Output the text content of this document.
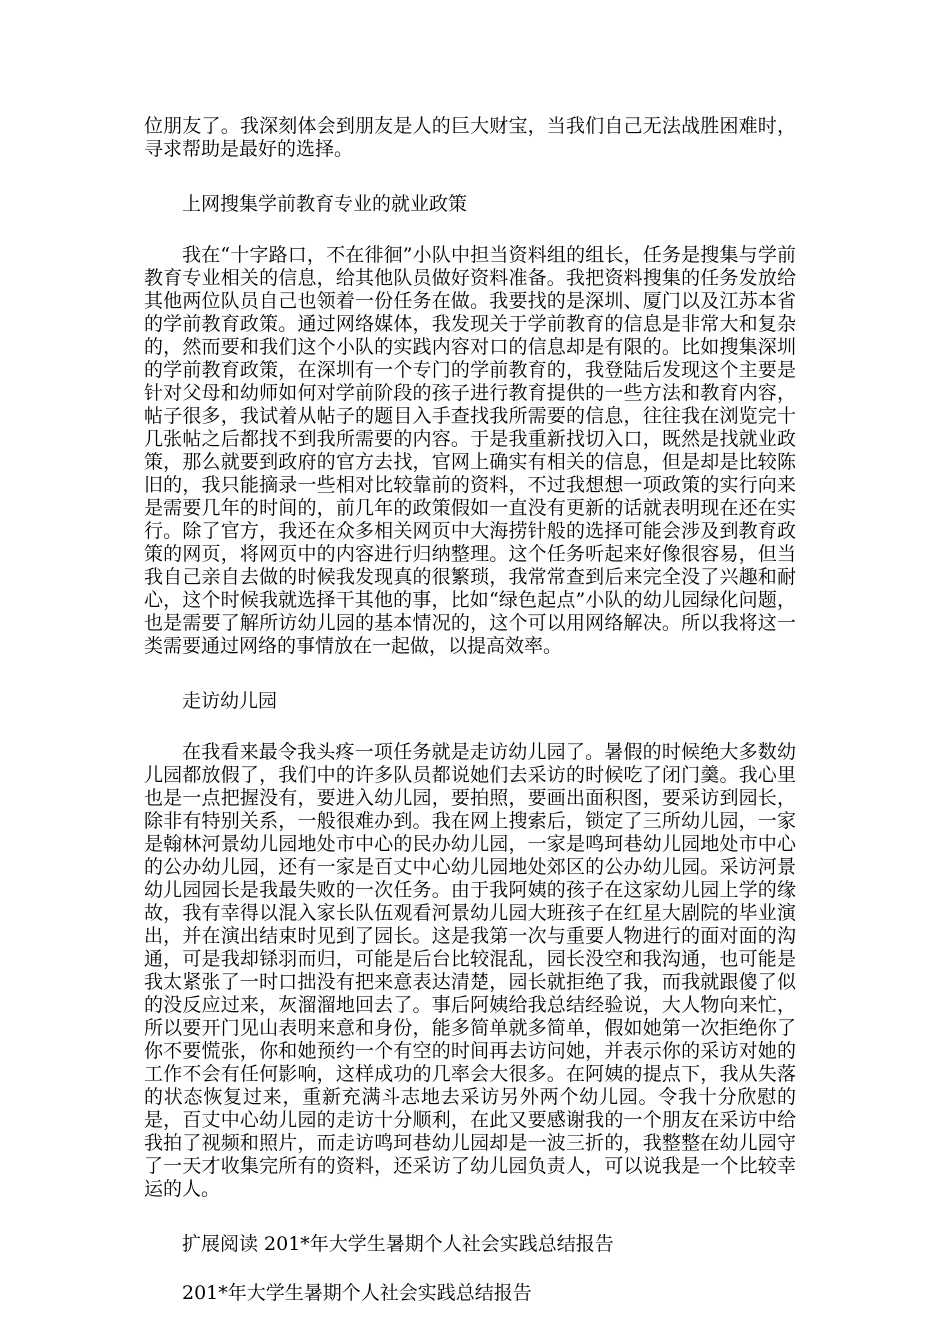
位朋友了。我深刻体会到朋友是人的巨大财宝，当我们自己无法战胜困难时，寻求帮助是最好的选择。

上网搜集学前教育专业的就业政策

我在“十字路口，不在徘徊”小队中担当资料组的组长，任务是搜集与学前教育专业相关的信息，给其他队员做好资料准备。我把资料搜集的任务发放给其他两位队员自己也领着一份任务在做。我要找的是深圳、厦门以及江苏本省的学前教育政策。通过网络媒体，我发现关于学前教育的信息是非常大和复杂的，然而要和我们这个小队的实践内容对口的信息却是有限的。比如搜集深圳的学前教育政策，在深圳有一个专门的学前教育的，我登陆后发现这个主要是针对父母和幼师如何对学前阶段的孩子进行教育提供的一些方法和教育内容，帖子很多，我试着从帖子的题目入手查找我所需要的信息，往往我在浏览完十几张帖之后都找不到我所需要的内容。于是我重新找切入口，既然是找就业政策，那么就要到政府的官方去找，官网上确实有相关的信息，但是却是比较陈旧的，我只能摘录一些相对比较靠前的资料，不过我想想一项政策的实行向来是需要几年的时间的，前几年的政策假如一直没有更新的话就表明现在还在实行。除了官方，我还在众多相关网页中大海捞针般的选择可能会涉及到教育政策的网页，将网页中的内容进行归纳整理。这个任务听起来好像很容易，但当我自己亲自去做的时候我发现真的很繁琐，我常常查到后来完全没了兴趣和耐心，这个时候我就选择干其他的事，比如“绿色起点”小队的幼儿园绿化问题，也是需要了解所访幼儿园的基本情况的，这个可以用网络解决。所以我将这一类需要通过网络的事情放在一起做，以提高效率。

走访幼儿园

在我看来最令我头疼一项任务就是走访幼儿园了。暑假的时候绝大多数幼儿园都放假了，我们中的许多队员都说她们去采访的时候吃了闭门羹。我心里也是一点把握没有，要进入幼儿园，要拍照，要画出面积图，要采访到园长，除非有特别关系，一般很难办到。我在网上搜索后，锁定了三所幼儿园，一家是翰林河景幼儿园地处市中心的民办幼儿园，一家是鸣珂巷幼儿园地处市中心的公办幼儿园，还有一家是百丈中心幼儿园地处郊区的公办幼儿园。采访河景幼儿园园长是我最失败的一次任务。由于我阿姨的孩子在这家幼儿园上学的缘故，我有幸得以混入家长队伍观看河景幼儿园大班孩子在红星大剧院的毕业演出，并在演出结束时见到了园长。这是我第一次与重要人物进行的面对面的沟通，可是我却铩羽而归，可能是后台比较混乱，园长没空和我沟通，也可能是我太紧张了一时口拙没有把来意表达清楚，园长就拒绝了我，而我就跟傻了似的没反应过来，灰溜溜地回去了。事后阿姨给我总结经验说，大人物向来忙，所以要开门见山表明来意和身份，能多简单就多简单，假如她第一次拒绝你了你不要慌张，你和她预约一个有空的时间再去访问她，并表示你的采访对她的工作不会有任何影响，这样成功的几率会大很多。在阿姨的提点下，我从失落的状态恢复过来，重新充满斗志地去采访另外两个幼儿园。令我十分欣慰的是，百丈中心幼儿园的走访十分顺利，在此又要感谢我的一个朋友在采访中给我拍了视频和照片，而走访鸣珂巷幼儿园却是一波三折的，我整整在幼儿园守了一天才收集完所有的资料，还采访了幼儿园负责人，可以说我是一个比较幸运的人。

扩展阅读 201*年大学生暑期个人社会实践总结报告

201*年大学生暑期个人社会实践总结报告
